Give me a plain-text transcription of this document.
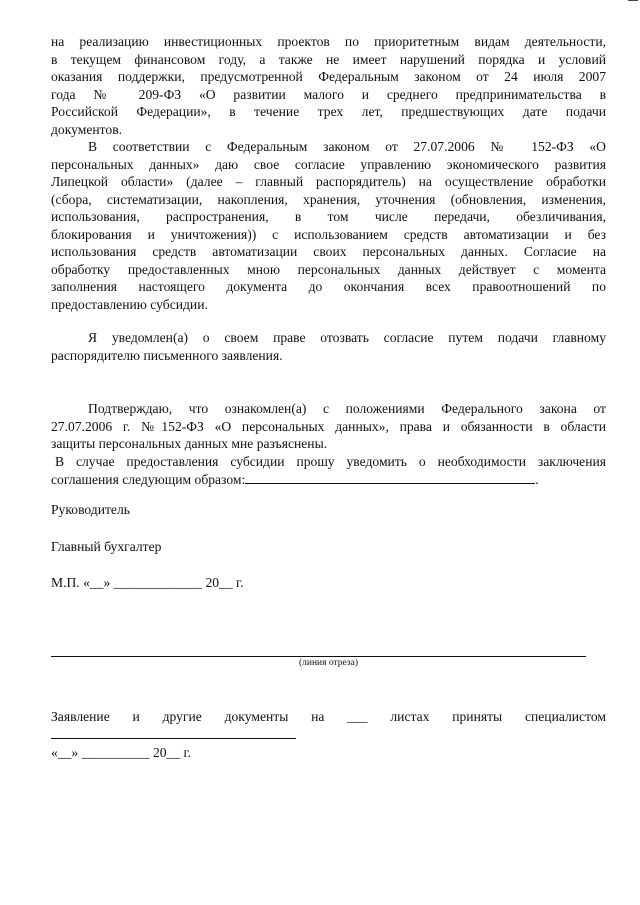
на реализацию инвестиционных проектов по приоритетным видам деятельности,

в текущем финансовом году, а также не имеет нарушений порядка и условий

оказания поддержки, предусмотренной Федеральным законом от 24 июля 2007

года № 209-ФЗ «О развитии малого и среднего предпринимательства в

Российской Федерации», в течение трех лет, предшествующих дате подачи

документов.

В соответствии с Федеральным законом от 27.07.2006 № 152-ФЗ «О

персональных данных» даю свое согласие управлению экономического развития

Липецкой области» (далее – главный распорядитель) на осуществление обработки

(сбора, систематизации, накопления, хранения, уточнения (обновления, изменения,

использования, распространения, в том числе передачи, обезличивания,

блокирования и уничтожения)) с использованием средств автоматизации и без

использования средств автоматизации своих персональных данных. Согласие на

обработку предоставленных мною персональных данных действует с момента

заполнения настоящего документа до окончания всех правоотношений по

предоставлению субсидии.

Я уведомлен(а) о своем праве отозвать согласие путем подачи главному

распорядителю письменного заявления.

Подтверждаю, что ознакомлен(а) с положениями Федерального закона от

27.07.2006 г. №152-ФЗ «О персональных данных», права и обязанности в области

защиты персональных данных мне разъяснены.

В случае предоставления субсидии прошу уведомить о необходимости заключения

соглашения следующим образом:	.

Руководитель

Главный бухгалтер

М.П. «__» _____________ 20__ г.

(линия отреза)

Заявление и другие документы на ___ листах приняты специалистом

«__» __________ 20__ г.
